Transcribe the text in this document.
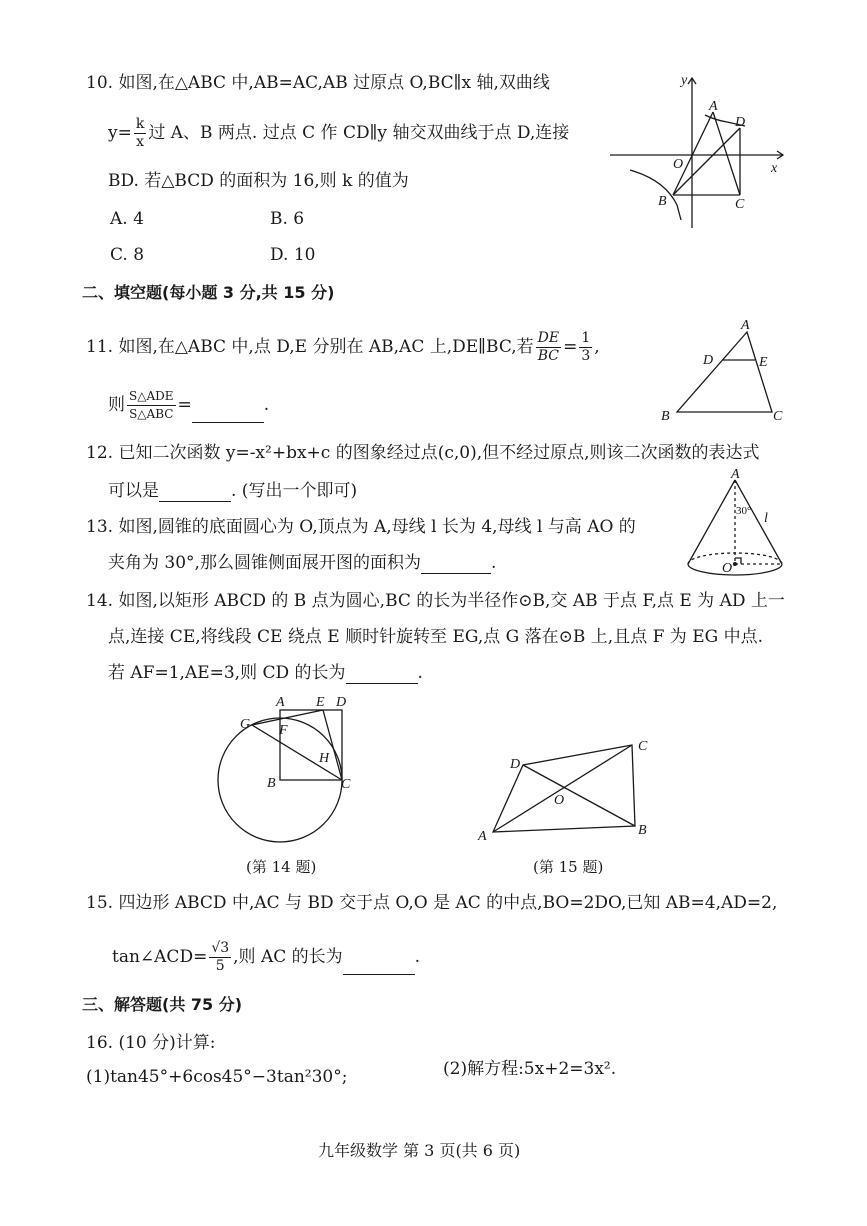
10. 如图,在△ABC 中,AB=AC,AB 过原点 O,BC∥x 轴,双曲线
$y= \frac{k}{x}$ 过 A、B 两点. 过点 C 作 CD∥y 轴交双曲线于点 D,连接
BD. 若△BCD 的面积为 16,则 k 的值为
A. 4	B. 6
C. 8	D. 10
y
x
A
D
O
B	C
二、填空题(每小题 3 分,共 15 分)
11. 如图,在△ABC 中,点 D,E 分别在 AB,AC 上,DE∥BC,若 $\frac{DE}{BC} = \frac{1}{3}$ ,
则 $\frac{\text{S△ADE}}{\text{S△ABC}}$ =	.
A
D	E
B	C
12. 已知二次函数 y=-x²+bx+c 的图象经过点(c,0),但不经过原点,则该二次函数的表达式
可以是	. (写出一个即可)
13. 如图,圆锥的底面圆心为 O,顶点为 A,母线 l 长为 4,母线 l 与高 AO 的
夹角为 30°,那么圆锥侧面展开图的面积为	.
A
30° l
O
14. 如图,以矩形 ABCD 的 B 点为圆心,BC 的长为半径作⊙B,交 AB 于点 F,点 E 为 AD 上一
点,连接 CE,将线段 CE 绕点 E 顺时针旋转至 EG,点 G 落在⊙B 上,且点 F 为 EG 中点.
若 AF=1,AE=3,则 CD 的长为	.
A E D
G F
H
B	C
(第 14 题)
D
C
O
A	B
(第 15 题)
15. 四边形 ABCD 中,AC 与 BD 交于点 O,O 是 AC 的中点,BO=2DO,已知 AB=4,AD=2,
tan∠ACD= $\frac{√3}{5}$ ,则 AC 的长为	.
三、解答题(共 75 分)
16. (10 分)计算:
(1)tan45°+6cos45°−3tan²30°;	(2)解方程:5x+2=3x².
九年级数学 第 3 页(共 6 页)
